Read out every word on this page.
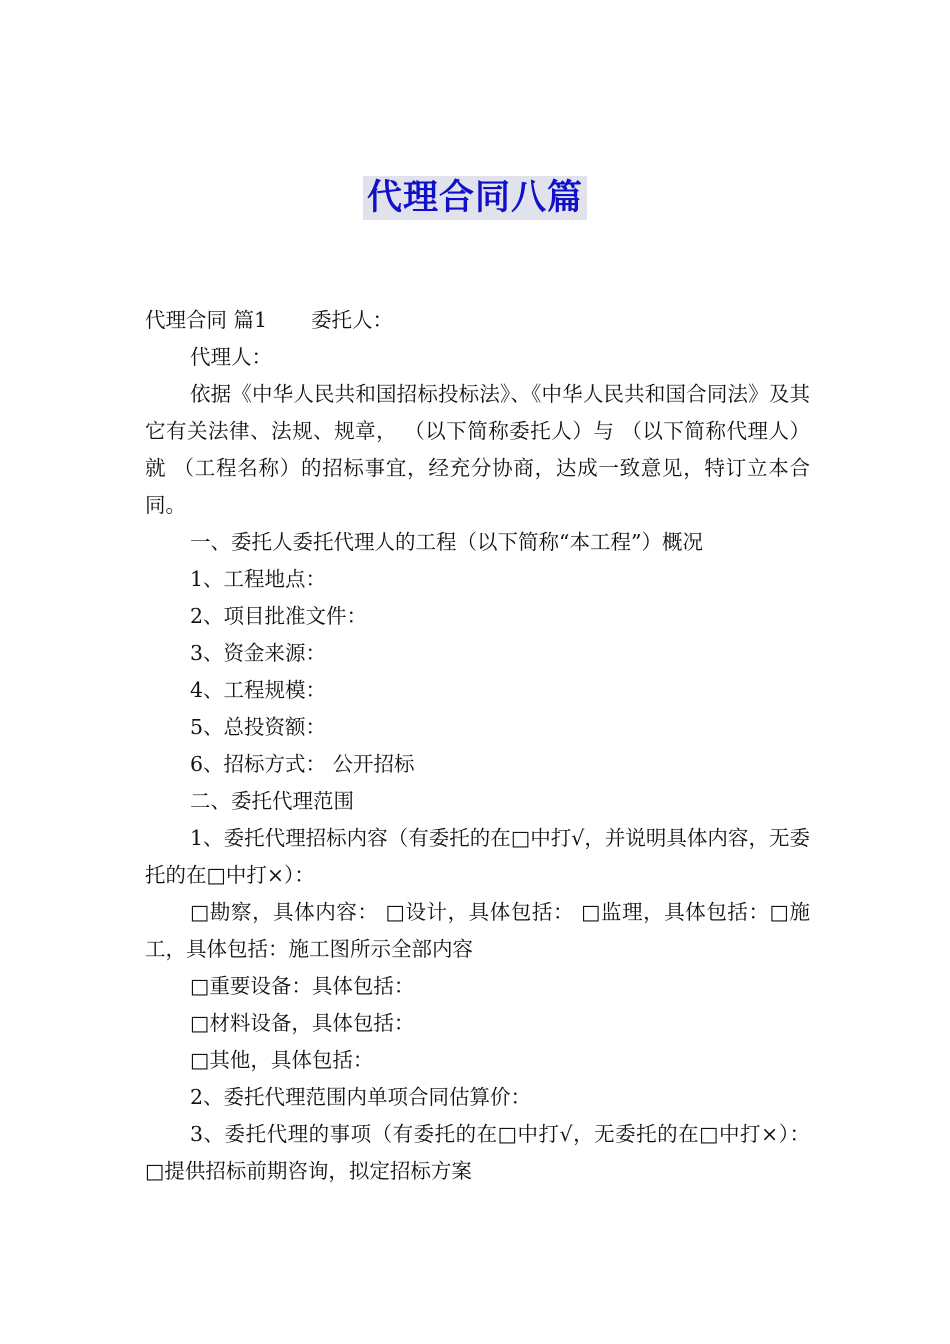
代理合同八篇

代理合同 篇1 委托人：

代理人：

依据《中华人民共和国招标投标法》、《中华人民共和国合同法》及其它有关法律、法规、规章， （以下简称委托人）与 （以下简称代理人）就 （工程名称）的招标事宜，经充分协商，达成一致意见，特订立本合同。

一、委托人委托代理人的工程（以下简称“本工程”）概况

1、工程地点：

2、项目批准文件：

3、资金来源：

4、工程规模：

5、总投资额：

6、招标方式： 公开招标

二、委托代理范围

1、委托代理招标内容（有委托的在□中打√，并说明具体内容，无委托的在□中打×）：

□勘察，具体内容： □设计，具体包括： □监理，具体包括：□施工，具体包括：施工图所示全部内容

□重要设备：具体包括：

□材料设备，具体包括：

□其他，具体包括：

2、委托代理范围内单项合同估算价：

3、委托代理的事项（有委托的在□中打√，无委托的在□中打×）： □提供招标前期咨询，拟定招标方案
